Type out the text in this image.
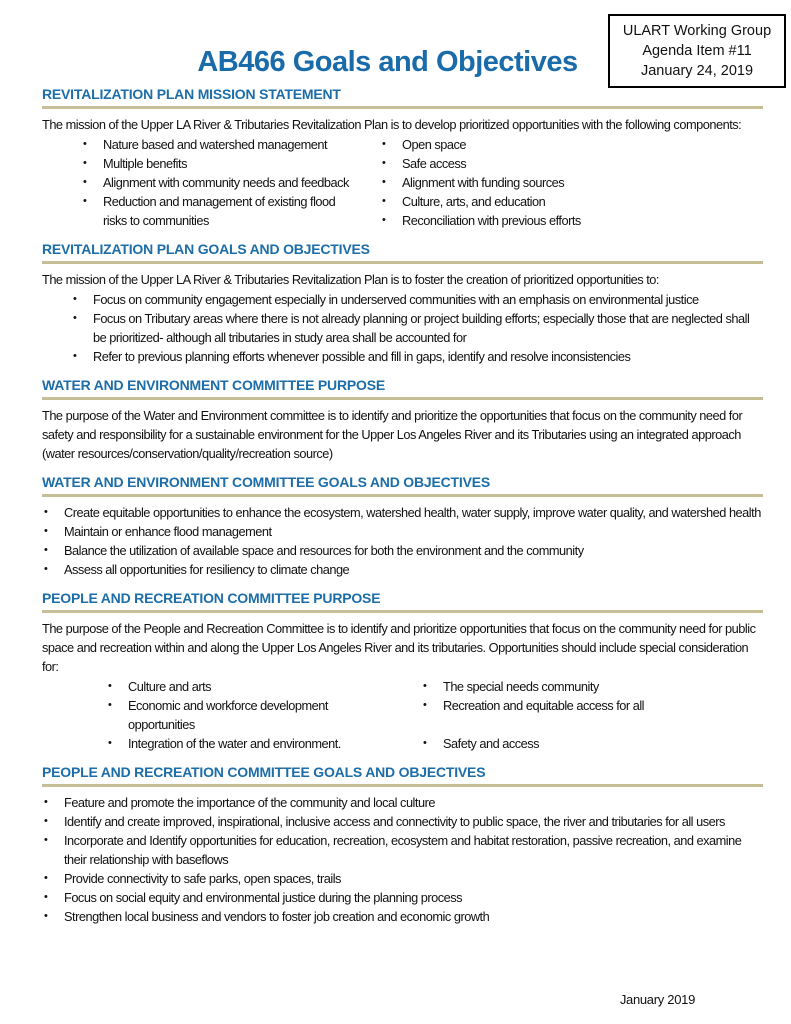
ULART Working Group
Agenda Item #11
January 24, 2019
AB466 Goals and Objectives
REVITALIZATION PLAN MISSION STATEMENT

The mission of the Upper LA River & Tributaries Revitalization Plan is to develop prioritized opportunities with the following components:

•	Nature based and watershed management
•	Multiple benefits
•	Alignment with community needs and feedback
•	Reduction and management of existing flood risks to communities
•	Open space
•	Safe access
•	Alignment with funding sources
•	Culture, arts, and education
•	Reconciliation with previous efforts
REVITALIZATION PLAN GOALS AND OBJECTIVES

The mission of the Upper LA River & Tributaries Revitalization Plan is to foster the creation of prioritized opportunities to:

•	Focus on community engagement especially in underserved communities with an emphasis on environmental justice
•	Focus on Tributary areas where there is not already planning or project building efforts; especially those that are neglected shall be prioritized- although all tributaries in study area shall be accounted for
•	Refer to previous planning efforts whenever possible and fill in gaps, identify and resolve inconsistencies
WATER AND ENVIRONMENT COMMITTEE PURPOSE

The purpose of the Water and Environment committee is to identify and prioritize the opportunities that focus on the community need for safety and responsibility for a sustainable environment for the Upper Los Angeles River and its Tributaries using an integrated approach (water resources/conservation/quality/recreation source)

WATER AND ENVIRONMENT COMMITTEE GOALS AND OBJECTIVES
•	Create equitable opportunities to enhance the ecosystem, watershed health, water supply, improve water quality, and watershed health
•	Maintain or enhance flood management
•	Balance the utilization of available space and resources for both the environment and the community
•	Assess all opportunities for resiliency to climate change
PEOPLE AND RECREATION COMMITTEE PURPOSE

The purpose of the People and Recreation Committee is to identify and prioritize opportunities that focus on the community need for public space and recreation within and along the Upper Los Angeles River and its tributaries. Opportunities should include special consideration for:

•	Culture and arts	•	The special needs community
•	Economic and workforce development opportunities
•	Recreation and equitable access for all
•	Integration of the water and environment.	•	Safety and access
PEOPLE AND RECREATION COMMITTEE GOALS AND OBJECTIVES
•	Feature and promote the importance of the community and local culture
•	Identify and create improved, inspirational, inclusive access and connectivity to public space, the river and tributaries for all users
•	Incorporate and Identify opportunities for education, recreation, ecosystem and habitat restoration, passive recreation, and examine their relationship with baseflows
•	Provide connectivity to safe parks, open spaces, trails
•	Focus on social equity and environmental justice during the planning process
•	Strengthen local business and vendors to foster job creation and economic growth
January 2019
